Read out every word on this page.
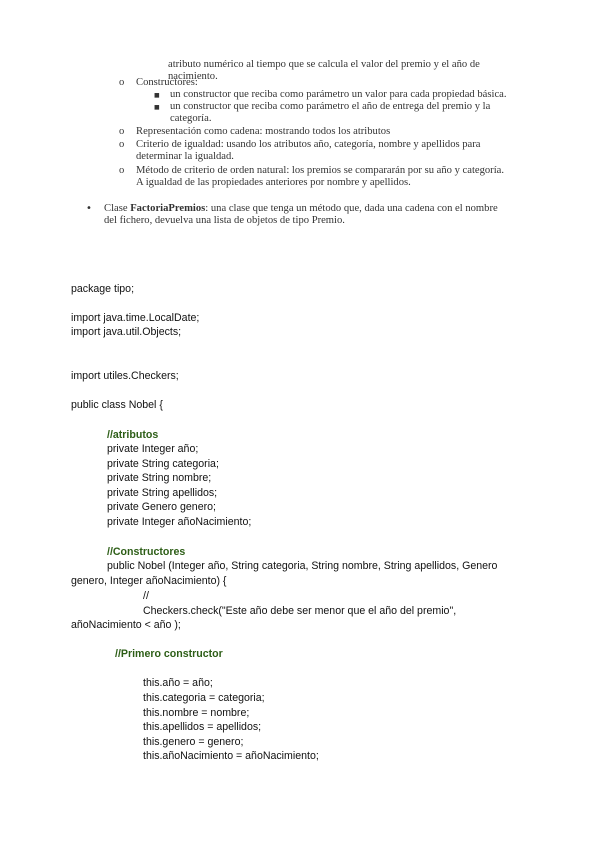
atributo numérico al tiempo que se calcula el valor del premio y el año de nacimiento.
o Constructores:
■ un constructor que reciba como parámetro un valor para cada propiedad básica.
■ un constructor que reciba como parámetro el año de entrega del premio y la
categoría.
o Representación como cadena: mostrando todos los atributos
o Criterio de igualdad: usando los atributos año, categoría, nombre y apellidos para
determinar la igualdad.
o Método de criterio de orden natural: los premios se compararán por su año y categoría.
A igualdad de las propiedades anteriores por nombre y apellidos.
• Clase FactoriaPremios: una clase que tenga un método que, dada una cadena con el nombre
del fichero, devuelva una lista de objetos de tipo Premio.
package tipo;
import java.time.LocalDate;
import java.util.Objects;
import utiles.Checkers;
public class Nobel {
//atributos
private Integer año;
private String categoria;
private String nombre;
private String apellidos;
private Genero genero;
private Integer añoNacimiento;
//Constructores
public Nobel (Integer año, String categoria, String nombre, String apellidos, Genero
genero, Integer añoNacimiento) {
//
Checkers.check("Este año debe ser menor que el año del premio",
añoNacimiento < año );
//Primero constructor
this.año = año;
this.categoria = categoria;
this.nombre = nombre;
this.apellidos = apellidos;
this.genero = genero;
this.añoNacimiento = añoNacimiento;
